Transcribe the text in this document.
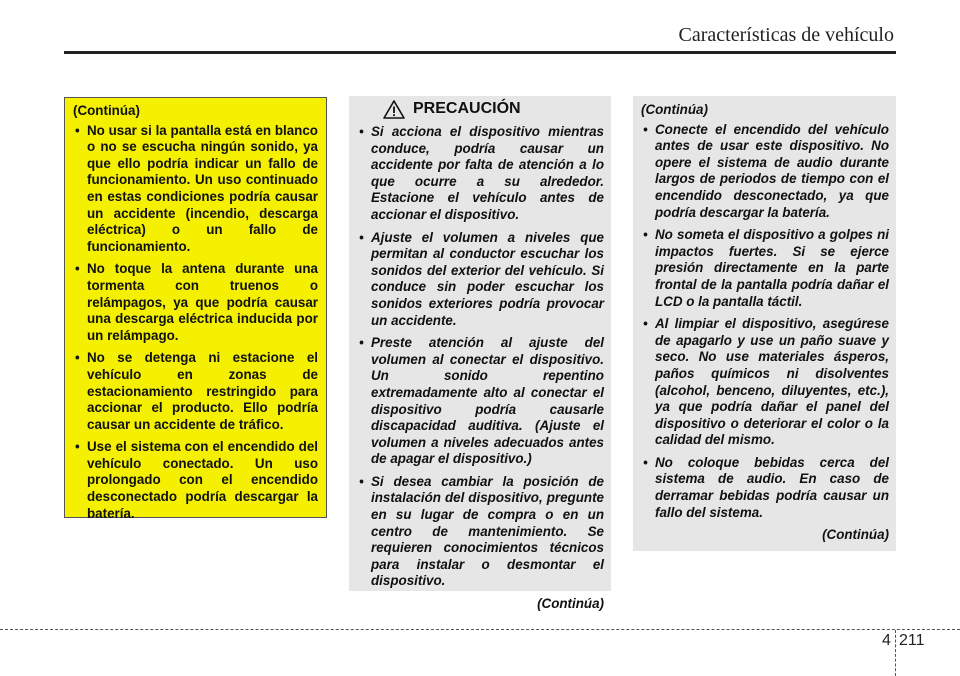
Características de vehículo

(Continúa)

• No usar si la pantalla está en blanco o no se escucha ningún sonido, ya que ello podría indicar un fallo de funcionamiento. Un uso continuado en estas condiciones podría causar un accidente (incendio, descarga eléctrica) o un fallo de funcionamiento.
• No toque la antena durante una tormenta con truenos o relámpagos, ya que podría causar una descarga eléctrica inducida por un relámpago.
• No se detenga ni estacione el vehículo en zonas de estacionamiento restringido para accionar el producto. Ello podría causar un accidente de tráfico.
• Use el sistema con el encendido del vehículo conectado. Un uso prolongado con el encendido desconectado podría descargar la batería.
PRECAUCIÓN
• Si acciona el dispositivo mientras conduce, podría causar un accidente por falta de atención a lo que ocurre a su alrededor. Estacione el vehículo antes de accionar el dispositivo.
• Ajuste el volumen a niveles que permitan al conductor escuchar los sonidos del exterior del vehículo. Si conduce sin poder escuchar los sonidos exteriores podría provocar un accidente.
• Preste atención al ajuste del volumen al conectar el dispositivo. Un sonido repentino extremadamente alto al conectar el dispositivo podría causarle discapacidad auditiva. (Ajuste el volumen a niveles adecuados antes de apagar el dispositivo.)
• Si desea cambiar la posición de instalación del dispositivo, pregunte en su lugar de compra o en un centro de mantenimiento. Se requieren conocimientos técnicos para instalar o desmontar el dispositivo.

(Continúa)

(Continúa)

• Conecte el encendido del vehículo antes de usar este dispositivo. No opere el sistema de audio durante largos de periodos de tiempo con el encendido desconectado, ya que podría descargar la batería.
• No someta el dispositivo a golpes ni impactos fuertes. Si se ejerce presión directamente en la parte frontal de la pantalla podría dañar el LCD o la pantalla táctil.
• Al limpiar el dispositivo, asegúrese de apagarlo y use un paño suave y seco. No use materiales ásperos, paños químicos ni disolventes (alcohol, benceno, diluyentes, etc.), ya que podría dañar el panel del dispositivo o deteriorar el color o la calidad del mismo.
• No coloque bebidas cerca del sistema de audio. En caso de derramar bebidas podría causar un fallo del sistema.

(Continúa)

4 211
